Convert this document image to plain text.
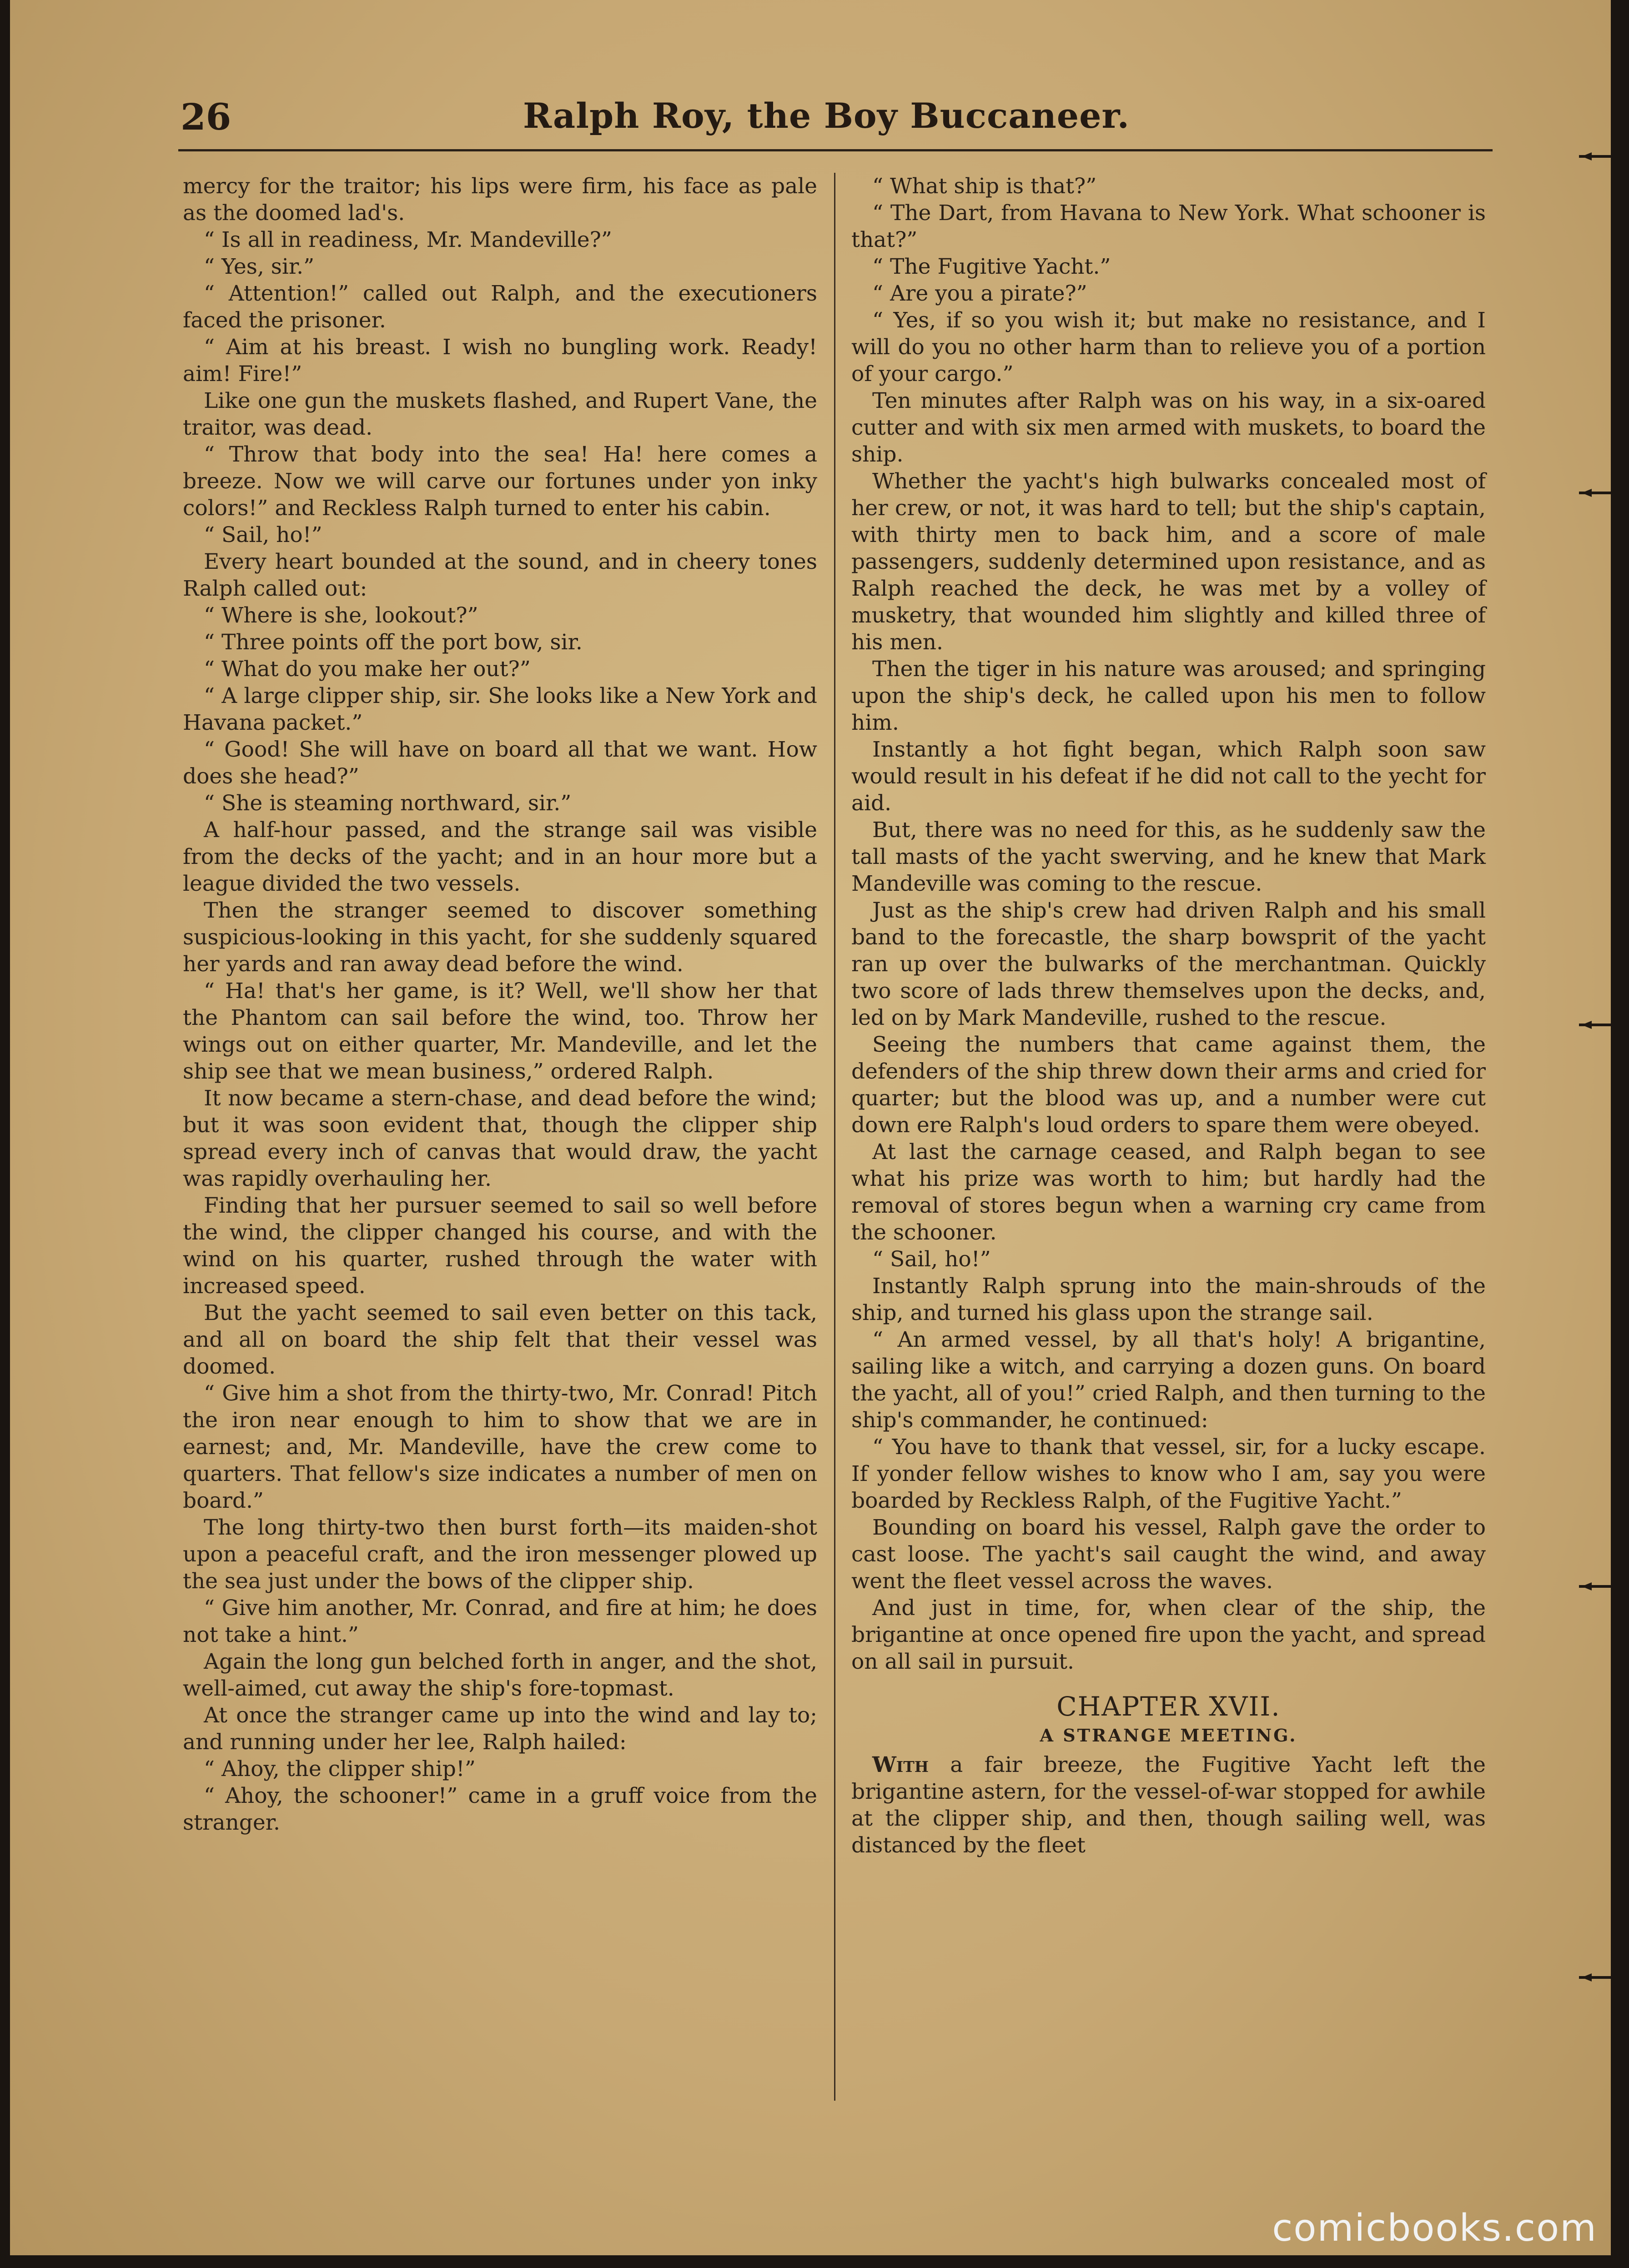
26	Ralph Roy, the Boy Buccaneer.

mercy for the traitor; his lips were firm, his face as pale as the doomed lad's.

“ Is all in readiness, Mr. Mandeville?”

“ Yes, sir.”

“ Attention!” called out Ralph, and the executioners faced the prisoner.

“ Aim at his breast. I wish no bungling work. Ready! aim! Fire!”

Like one gun the muskets flashed, and Rupert Vane, the traitor, was dead.

“ Throw that body into the sea! Ha! here comes a breeze. Now we will carve our fortunes under yon inky colors!” and Reckless Ralph turned to enter his cabin.

“ Sail, ho!”

Every heart bounded at the sound, and in cheery tones Ralph called out:

“ Where is she, lookout?”

“ Three points off the port bow, sir.

“ What do you make her out?”

“ A large clipper ship, sir. She looks like a New York and Havana packet.”

“ Good! She will have on board all that we want. How does she head?”

“ She is steaming northward, sir.”

A half-hour passed, and the strange sail was visible from the decks of the yacht; and in an hour more but a league divided the two vessels.

Then the stranger seemed to discover something suspicious-looking in this yacht, for she suddenly squared her yards and ran away dead before the wind.

“ Ha! that's her game, is it? Well, we'll show her that the Phantom can sail before the wind, too. Throw her wings out on either quarter, Mr. Mandeville, and let the ship see that we mean business,” ordered Ralph.

It now became a stern-chase, and dead before the wind; but it was soon evident that, though the clipper ship spread every inch of canvas that would draw, the yacht was rapidly overhauling her.

Finding that her pursuer seemed to sail so well before the wind, the clipper changed his course, and with the wind on his quarter, rushed through the water with increased speed.

But the yacht seemed to sail even better on this tack, and all on board the ship felt that their vessel was doomed.

“ Give him a shot from the thirty-two, Mr. Conrad! Pitch the iron near enough to him to show that we are in earnest; and, Mr. Mandeville, have the crew come to quarters. That fellow's size indicates a number of men on board.”

The long thirty-two then burst forth—its maiden-shot upon a peaceful craft, and the iron messenger plowed up the sea just under the bows of the clipper ship.

“ Give him another, Mr. Conrad, and fire at him; he does not take a hint.”

Again the long gun belched forth in anger, and the shot, well-aimed, cut away the ship's fore-topmast.

At once the stranger came up into the wind and lay to; and running under her lee, Ralph hailed:

“ Ahoy, the clipper ship!”

“ Ahoy, the schooner!” came in a gruff voice from the stranger.

“ What ship is that?”

“ The Dart, from Havana to New York. What schooner is that?”

“ The Fugitive Yacht.”

“ Are you a pirate?”

“ Yes, if so you wish it; but make no resistance, and I will do you no other harm than to relieve you of a portion of your cargo.”

Ten minutes after Ralph was on his way, in a six-oared cutter and with six men armed with muskets, to board the ship.

Whether the yacht's high bulwarks concealed most of her crew, or not, it was hard to tell; but the ship's captain, with thirty men to back him, and a score of male passengers, suddenly determined upon resistance, and as Ralph reached the deck, he was met by a volley of musketry, that wounded him slightly and killed three of his men.

Then the tiger in his nature was aroused; and springing upon the ship's deck, he called upon his men to follow him.

Instantly a hot fight began, which Ralph soon saw would result in his defeat if he did not call to the yecht for aid.

But, there was no need for this, as he suddenly saw the tall masts of the yacht swerving, and he knew that Mark Mandeville was coming to the rescue.

Just as the ship's crew had driven Ralph and his small band to the forecastle, the sharp bowsprit of the yacht ran up over the bulwarks of the merchantman. Quickly two score of lads threw themselves upon the decks, and, led on by Mark Mandeville, rushed to the rescue.

Seeing the numbers that came against them, the defenders of the ship threw down their arms and cried for quarter; but the blood was up, and a number were cut down ere Ralph's loud orders to spare them were obeyed.

At last the carnage ceased, and Ralph began to see what his prize was worth to him; but hardly had the removal of stores begun when a warning cry came from the schooner.

“ Sail, ho!”

Instantly Ralph sprung into the main-shrouds of the ship, and turned his glass upon the strange sail.

“ An armed vessel, by all that's holy! A brigantine, sailing like a witch, and carrying a dozen guns. On board the yacht, all of you!” cried Ralph, and then turning to the ship's commander, he continued:

“ You have to thank that vessel, sir, for a lucky escape. If yonder fellow wishes to know who I am, say you were boarded by Reckless Ralph, of the Fugitive Yacht.”

Bounding on board his vessel, Ralph gave the order to cast loose. The yacht's sail caught the wind, and away went the fleet vessel across the waves.

And just in time, for, when clear of the ship, the brigantine at once opened fire upon the yacht, and spread on all sail in pursuit.

CHAPTER XVII.
A STRANGE MEETING.

With a fair breeze, the Fugitive Yacht left the brigantine astern, for the vessel-of-war stopped for awhile at the clipper ship, and then, though sailing well, was distanced by the fleet

comicbooks.com
